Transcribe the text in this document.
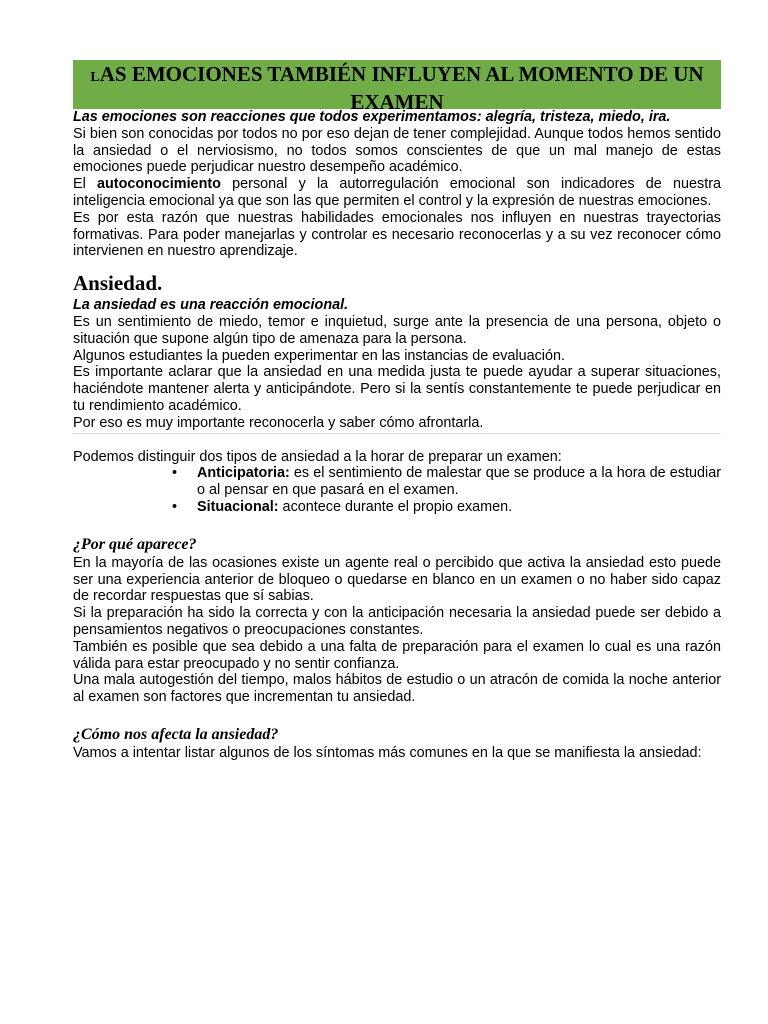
LAS EMOCIONES TAMBIÉN INFLUYEN AL MOMENTO DE UN EXAMEN

Las emociones son reacciones que todos experimentamos: alegría, tristeza, miedo, ira.

Si bien son conocidas por todos no por eso dejan de tener complejidad. Aunque todos hemos sentido la ansiedad o el nerviosismo, no todos somos conscientes de que un mal manejo de estas emociones puede perjudicar nuestro desempeño académico.

El autoconocimiento personal y la autorregulación emocional son indicadores de nuestra inteligencia emocional ya que son las que permiten el control y la expresión de nuestras emociones.

Es por esta razón que nuestras habilidades emocionales nos influyen en nuestras trayectorias formativas. Para poder manejarlas y controlar es necesario reconocerlas y a su vez reconocer cómo intervienen en nuestro aprendizaje.

Ansiedad.

La ansiedad es una reacción emocional.

Es un sentimiento de miedo, temor e inquietud, surge ante la presencia de una persona, objeto o situación que supone algún tipo de amenaza para la persona.

Algunos estudiantes la pueden experimentar en las instancias de evaluación.

Es importante aclarar que la ansiedad en una medida justa te puede ayudar a superar situaciones, haciéndote mantener alerta y anticipándote. Pero si la sentís constantemente te puede perjudicar en tu rendimiento académico.

Por eso es muy importante reconocerla y saber cómo afrontarla.

Podemos distinguir dos tipos de ansiedad a la horar de preparar un examen:

• Anticipatoria: es el sentimiento de malestar que se produce a la hora de estudiar o al pensar en que pasará en el examen.
• Situacional: acontece durante el propio examen.
¿Por qué aparece?

En la mayoría de las ocasiones existe un agente real o percibido que activa la ansiedad esto puede ser una experiencia anterior de bloqueo o quedarse en blanco en un examen o no haber sido capaz de recordar respuestas que sí sabias.

Si la preparación ha sido la correcta y con la anticipación necesaria la ansiedad puede ser debido a pensamientos negativos o preocupaciones constantes.

También es posible que sea debido a una falta de preparación para el examen lo cual es una razón válida para estar preocupado y no sentir confianza.

Una mala autogestión del tiempo, malos hábitos de estudio o un atracón de comida la noche anterior al examen son factores que incrementan tu ansiedad.

¿Cómo nos afecta la ansiedad?

Vamos a intentar listar algunos de los síntomas más comunes en la que se manifiesta la ansiedad:
